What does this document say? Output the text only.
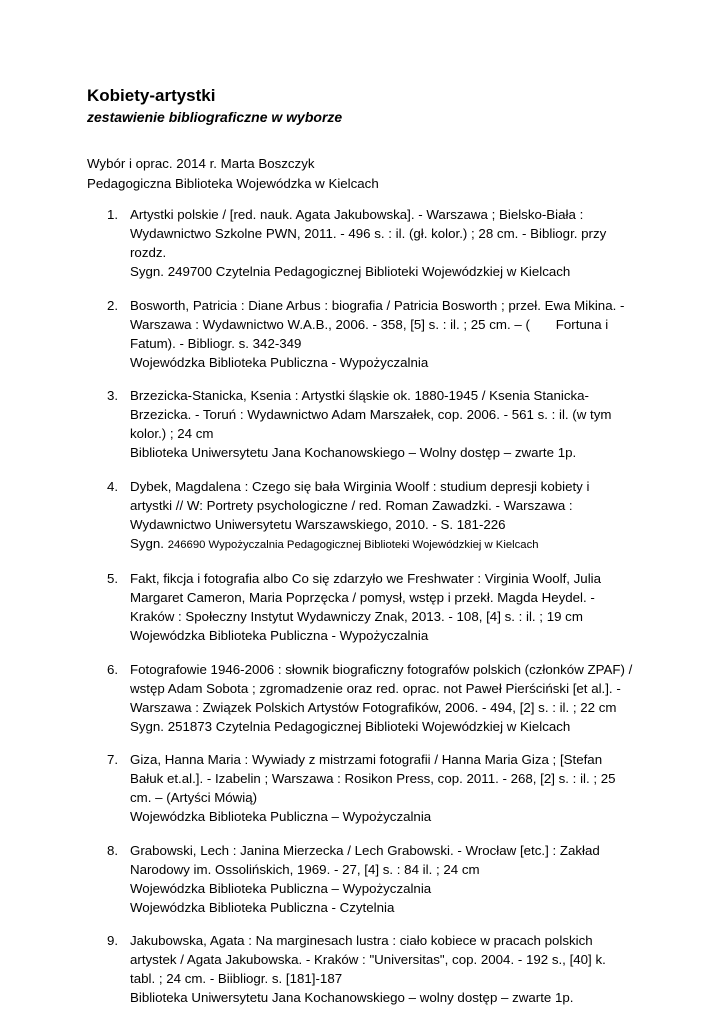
Kobiety-artystki
zestawienie bibliograficzne w wyborze
Wybór i oprac. 2014 r. Marta Boszczyk
Pedagogiczna Biblioteka Wojewódzka w Kielcach
1. Artystki polskie / [red. nauk. Agata Jakubowska]. - Warszawa ; Bielsko-Biała :
Wydawnictwo Szkolne PWN, 2011. - 496 s. : il. (gł. kolor.) ; 28 cm. - Bibliogr. przy
rozdz.
Sygn. 249700 Czytelnia Pedagogicznej Biblioteki Wojewódzkiej w Kielcach
2. Bosworth, Patricia : Diane Arbus : biografia / Patricia Bosworth ; przeł. Ewa Mikina. -
Warszawa : Wydawnictwo W.A.B., 2006. - 358, [5] s. : il. ; 25 cm. – (       Fortuna i
Fatum). - Bibliogr. s. 342-349
Wojewódzka Biblioteka Publiczna - Wypożyczalnia
3. Brzezicka-Stanicka, Ksenia : Artystki śląskie ok. 1880-1945 / Ksenia Stanicka-
Brzezicka. - Toruń : Wydawnictwo Adam Marszałek, cop. 2006. - 561 s. : il. (w tym
kolor.) ; 24 cm
Biblioteka Uniwersytetu Jana Kochanowskiego – Wolny dostęp – zwarte 1p.
4. Dybek, Magdalena : Czego się bała Wirginia Woolf : studium depresji kobiety i
artystki // W: Portrety psychologiczne / red. Roman Zawadzki. - Warszawa :
Wydawnictwo Uniwersytetu Warszawskiego, 2010. - S. 181-226
Sygn. 246690 Wypożyczalnia Pedagogicznej Biblioteki Wojewódzkiej w Kielcach
5. Fakt, fikcja i fotografia albo Co się zdarzyło we Freshwater : Virginia Woolf, Julia
Margaret Cameron, Maria Poprzęcka / pomysł, wstęp i przekł. Magda Heydel. -
Kraków : Społeczny Instytut Wydawniczy Znak, 2013. - 108, [4] s. : il. ; 19 cm
Wojewódzka Biblioteka Publiczna - Wypożyczalnia
6. Fotografowie 1946-2006 : słownik biograficzny fotografów polskich (członków ZPAF) /
wstęp Adam Sobota ; zgromadzenie oraz red. oprac. not Paweł Pierściński [et al.]. -
Warszawa : Związek Polskich Artystów Fotografików, 2006. - 494, [2] s. : il. ; 22 cm
Sygn. 251873 Czytelnia Pedagogicznej Biblioteki Wojewódzkiej w Kielcach
7. Giza, Hanna Maria : Wywiady z mistrzami fotografii / Hanna Maria Giza ; [Stefan
Bałuk et.al.]. - Izabelin ; Warszawa : Rosikon Press, cop. 2011. - 268, [2] s. : il. ; 25
cm. – (Artyści Mówią)
Wojewódzka Biblioteka Publiczna – Wypożyczalnia
8. Grabowski, Lech : Janina Mierzecka / Lech Grabowski. - Wrocław [etc.] : Zakład
Narodowy im. Ossolińskich, 1969. - 27, [4] s. : 84 il. ; 24 cm
Wojewódzka Biblioteka Publiczna – Wypożyczalnia
Wojewódzka Biblioteka Publiczna - Czytelnia
9. Jakubowska, Agata : Na marginesach lustra : ciało kobiece w pracach polskich
artystek / Agata Jakubowska. - Kraków : "Universitas", cop. 2004. - 192 s., [40] k.
tabl. ; 24 cm. - Biibliogr. s. [181]-187
Biblioteka Uniwersytetu Jana Kochanowskiego – wolny dostęp – zwarte 1p.
